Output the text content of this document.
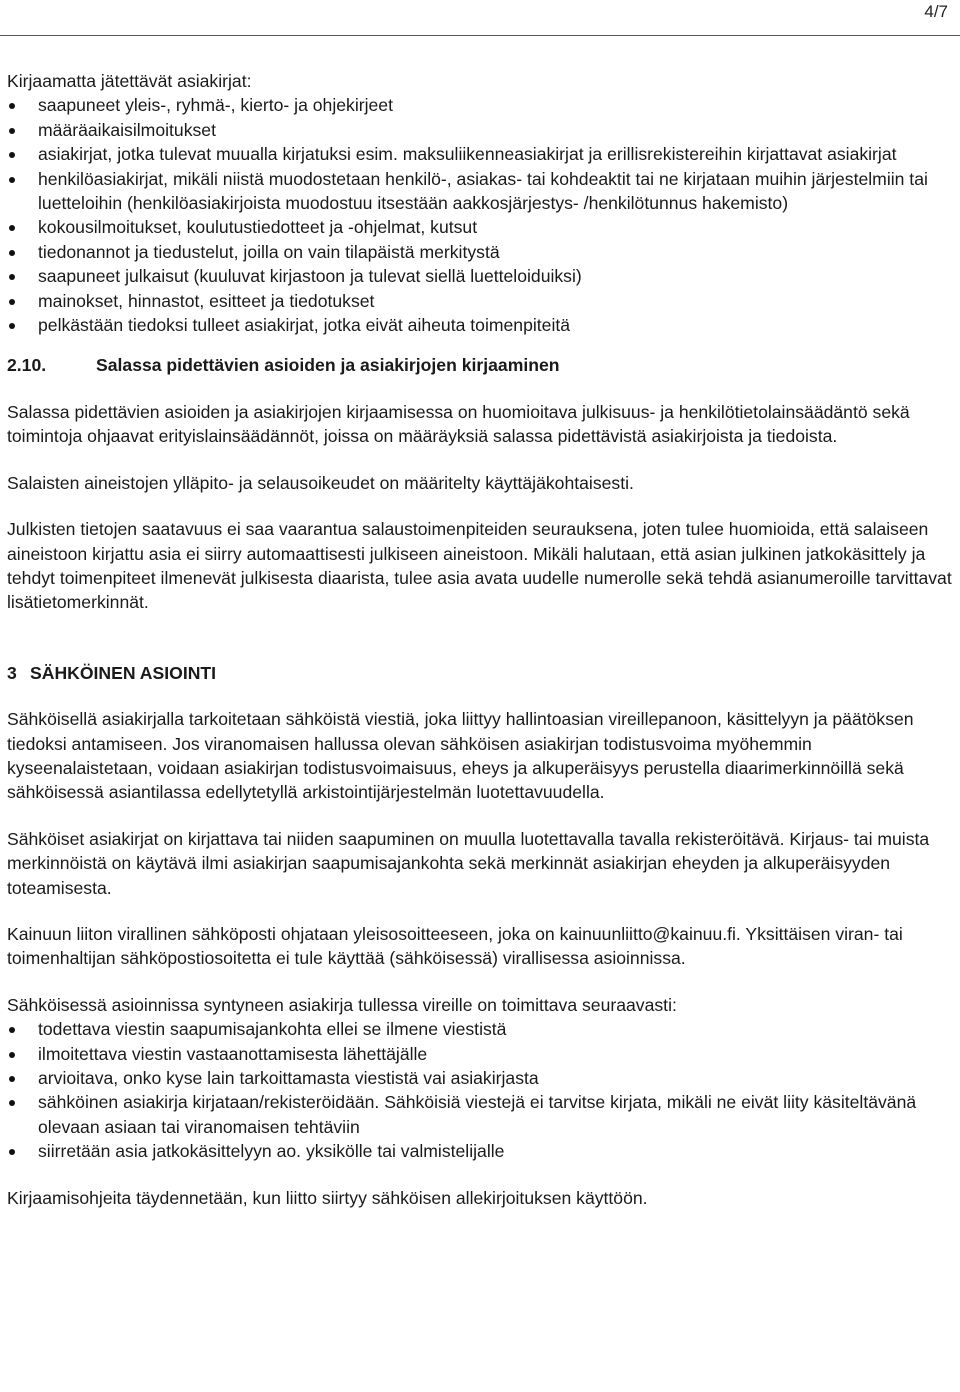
4/7

Kirjaamatta jätettävät asiakirjat:

saapuneet yleis-, ryhmä-, kierto- ja ohjekirjeet
määräaikaisilmoitukset
asiakirjat, jotka tulevat muualla kirjatuksi esim. maksuliikenneasiakirjat ja erillisrekistereihin kirjattavat asiakirjat
henkilöasiakirjat, mikäli niistä muodostetaan henkilö-, asiakas- tai kohdeaktit tai ne kirjataan muihin järjestelmiin tai luetteloihin (henkilöasiakirjoista muodostuu itsestään aakkosjärjestys- /henkilötunnus hakemisto)
kokousilmoitukset, koulutustiedotteet ja -ohjelmat, kutsut
tiedonannot ja tiedustelut, joilla on vain tilapäistä merkitystä
saapuneet julkaisut (kuuluvat kirjastoon ja tulevat siellä luetteloiduiksi)
mainokset, hinnastot, esitteet ja tiedotukset
pelkästään tiedoksi tulleet asiakirjat, jotka eivät aiheuta toimenpiteitä
2.10.	Salassa pidettävien asioiden ja asiakirjojen kirjaaminen

Salassa pidettävien asioiden ja asiakirjojen kirjaamisessa on huomioitava julkisuus- ja henkilötietolainsäädäntö sekä toimintoja ohjaavat erityislainsäädännöt, joissa on määräyksiä salassa pidettävistä asiakirjoista ja tiedoista.

Salaisten aineistojen ylläpito- ja selausoikeudet on määritelty käyttäjäkohtaisesti.

Julkisten tietojen saatavuus ei saa vaarantua salaustoimenpiteiden seurauksena, joten tulee huomioida, että salaiseen aineistoon kirjattu asia ei siirry automaattisesti julkiseen aineistoon. Mikäli halutaan, että asian julkinen jatkokäsittely ja tehdyt toimenpiteet ilmenevät julkisesta diaarista, tulee asia avata uudelle numerolle sekä tehdä asianumeroille tarvittavat lisätietomerkinnät.

3 SÄHKÖINEN ASIOINTI

Sähköisellä asiakirjalla tarkoitetaan sähköistä viestiä, joka liittyy hallintoasian vireillepanoon, käsittelyyn ja päätöksen tiedoksi antamiseen. Jos viranomaisen hallussa olevan sähköisen asiakirjan todistusvoima myöhemmin kyseenalaistetaan, voidaan asiakirjan todistusvoimaisuus, eheys ja alkuperäisyys perustella diaarimerkinnöillä sekä sähköisessä asiantilassa edellytetyllä arkistointijärjestelmän luotettavuudella.

Sähköiset asiakirjat on kirjattava tai niiden saapuminen on muulla luotettavalla tavalla rekisteröitävä. Kirjaus- tai muista merkinnöistä on käytävä ilmi asiakirjan saapumisajankohta sekä merkinnät asiakirjan eheyden ja alkuperäisyyden toteamisesta.

Kainuun liiton virallinen sähköposti ohjataan yleisosoitteeseen, joka on kainuunliitto@kainuu.fi. Yksittäisen viran- tai toimenhaltijan sähköpostiosoitetta ei tule käyttää (sähköisessä) virallisessa asioinnissa.

Sähköisessä asioinnissa syntyneen asiakirja tullessa vireille on toimittava seuraavasti:

todettava viestin saapumisajankohta ellei se ilmene viestistä
ilmoitettava viestin vastaanottamisesta lähettäjälle
arvioitava, onko kyse lain tarkoittamasta viestistä vai asiakirjasta
sähköinen asiakirja kirjataan/rekisteröidään. Sähköisiä viestejä ei tarvitse kirjata, mikäli ne eivät liity käsiteltävänä olevaan asiaan tai viranomaisen tehtäviin
siirretään asia jatkokäsittelyyn ao. yksikölle tai valmistelijalle

Kirjaamisohjeita täydennetään, kun liitto siirtyy sähköisen allekirjoituksen käyttöön.
